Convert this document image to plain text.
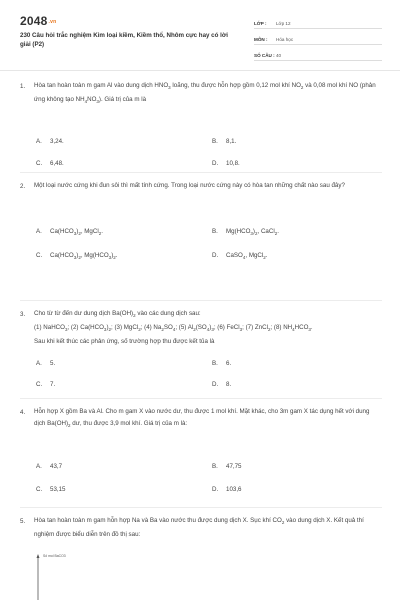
2048.vn
230 Câu hỏi trắc nghiệm Kim loại kiềm, Kiềm thổ, Nhôm cực hay có lời giải (P2)
LỚP : Lớp 12
MÔN : Hóa học
SỐ CÂU : 40
1. Hòa tan hoàn toàn m gam Al vào dung dịch $HNO_3$ loãng, thu được hỗn hợp gồm 0,12 mol khí $NO_2$ và 0,08 mol khí NO (phản ứng không tạo $NH_4NO_3$). Giá trị của m là
A. 3,24.	B. 8,1.
C. 6,48.	D. 10,8.
2. Một loại nước cứng khi đun sôi thì mất tính cứng. Trong loại nước cứng này có hòa tan những chất nào sau đây?
A. $Ca(HCO_3)_2$, MgCl$_2$.	B. $Mg(HCO_3)_2$, CaCl$_2$.
C. $Ca(HCO_3)_2$, $Mg(HCO_3)_2$.	D. CaSO$_4$, MgCl$_2$.
3. Cho từ từ đến dư dung dịch $Ba(OH)_2$ vào các dung dịch sau:
(1) NaHCO$_3$; (2) $Ca(HCO_3)_2$; (3) MgCl$_2$; (4) $Na_2SO_4$; (5) $Al_2(SO_4)_3$; (6) FeCl$_3$; (7) ZnCl$_2$; (8) $NH_4HCO_3$.
Sau khi kết thúc các phản ứng, số trường hợp thu được kết tủa là
A. 5.	B. 6.
C. 7.	D. 8.
4. Hỗn hợp X gồm Ba và Al. Cho m gam X vào nước dư, thu được 1 mol khí. Mặt khác, cho 3m gam X tác dụng hết với dung dịch $Ba(OH)_2$ dư, thu được 3,9 mol khí. Giá trị của m là:
A. 43,7	B. 47,75
C. 53,15	D. 103,6
5. Hòa tan hoàn toàn m gam hỗn hợp Na và Ba vào nước thu được dung dịch X. Sục khí $CO_2$ vào dung dịch X. Kết quả thí nghiệm được biểu diễn trên đồ thị sau:
Số mol BaCO3
